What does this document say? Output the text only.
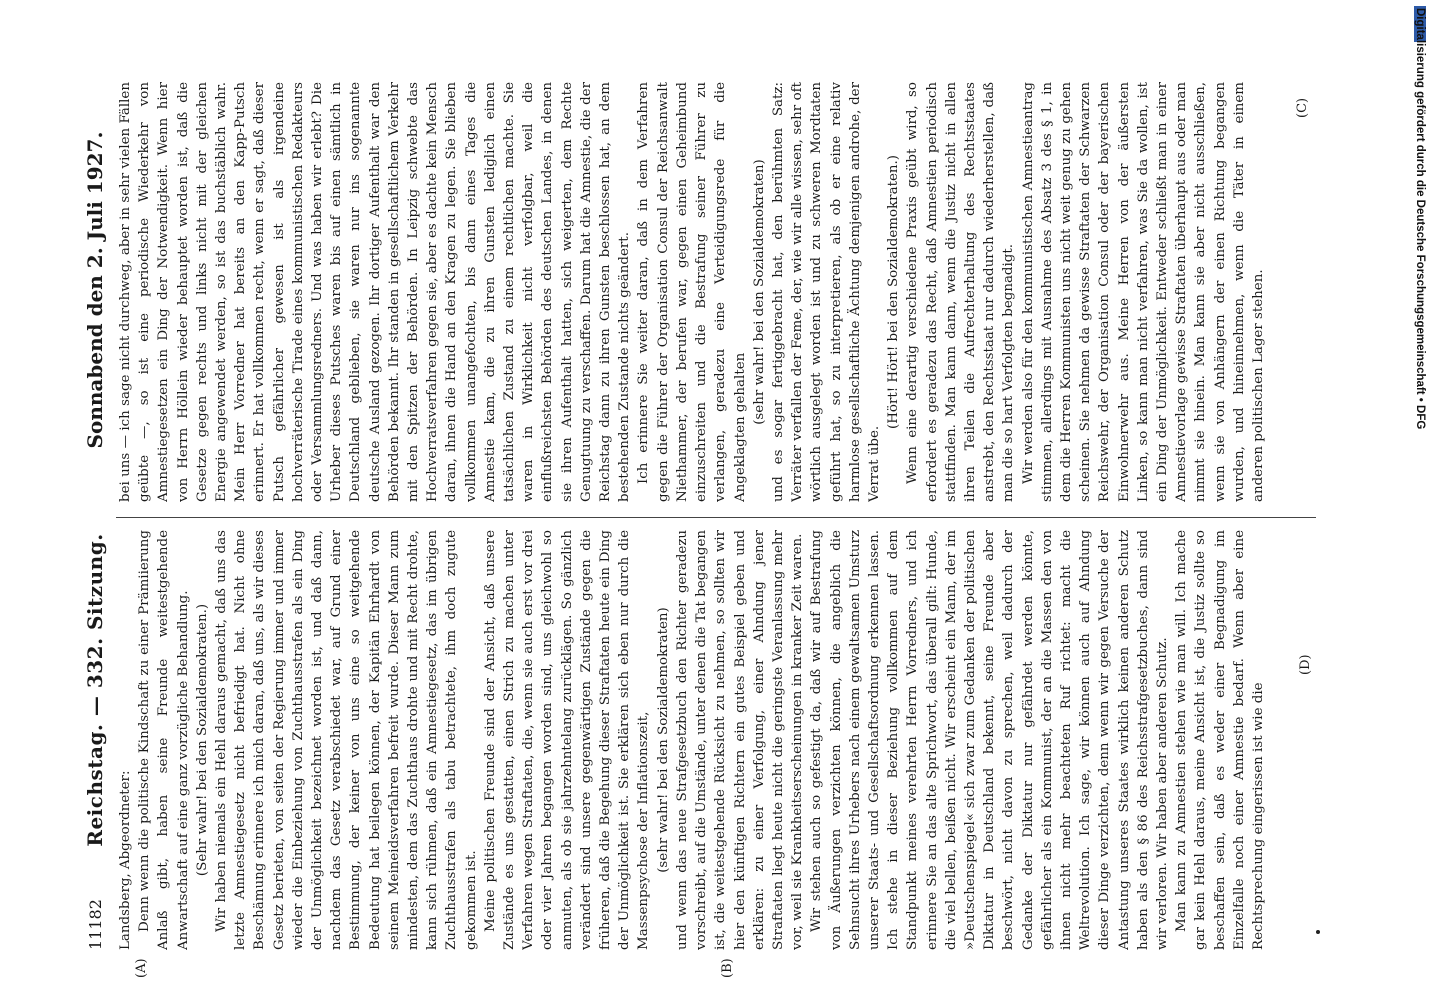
11182
Reichstag. — 332. Sitzung.
Sonnabend den 2. Juli 1927.

Landsberg, Abgeordneter: Denn wenn die politische Kindschaft zu einer Prämiierung Anlaß gibt, haben seine Freunde weitestgehende Anwartschaft auf eine ganz vorzügliche Behandlung. (Sehr wahr! bei den Sozialdemokraten.) Wir haben niemals ein Hehl daraus gemacht, daß uns das letzte Amnestiegesetz nicht befriedigt hat. Nicht ohne Beschämung erinnere ich mich daran, daß uns, als wir dieses Gesetz berieten, von seiten der Regierung immer und immer wieder die Einbeziehung von Zuchthausstrafen als ein Ding der Unmöglichkeit bezeichnet worden ist, und daß dann, nachdem das Gesetz verabschiedet war, auf Grund einer Bestimmung, der keiner von uns eine so weitgehende Bedeutung hat beilegen können, der Kapitän Ehrhardt von seinem Meineidsverfahren befreit wurde. Dieser Mann zum mindesten, dem das Zuchthaus drohte und mit Recht drohte, kann sich rühmen, daß ein Amnestiegesetz, das im übrigen Zuchthausstrafen als tabu betrachtete, ihm doch zugute gekommen ist. Meine politischen Freunde sind der Ansicht, daß unsere Zustände es uns gestatten, einen Strich zu machen unter Verfahren wegen Straftaten, die, wenn sie auch erst vor drei oder vier Jahren begangen worden sind, uns gleichwohl so anmuten, als ob sie jahrzehntelang zurücklägen. So gänzlich verändert sind unsere gegenwärtigen Zustände gegen die früheren, daß die Begehung dieser Straftaten heute ein Ding der Unmöglichkeit ist. Sie erklären sich eben nur durch die Massenpsychose der Inflationszeit, (sehr wahr! bei den Sozialdemokraten) und wenn das neue Strafgesetzbuch den Richter geradezu vorschreibt, auf die Umstände, unter denen die Tat begangen ist, die weitestgehende Rücksicht zu nehmen, so sollten wir hier den künftigen Richtern ein gutes Beispiel geben und erklären: zu einer Verfolgung, einer Ahndung jener Straftaten liegt heute nicht die geringste Veranlassung mehr vor, weil sie Krankheitserscheinungen in kranker Zeit waren. Wir stehen auch so gefestigt da, daß wir auf Bestrafung von Äußerungen verzichten können, die angeblich die Sehnsucht ihres Urhebers nach einem gewaltsamen Umsturz unserer Staats- und Gesellschaftsordnung erkennen lassen. Ich stehe in dieser Beziehung vollkommen auf dem Standpunkt meines verehrten Herrn Vorredners, und ich erinnere Sie an das alte Sprichwort, das überall gilt: Hunde, die viel bellen, beißen nicht. Wir erscheint ein Mann, der im »Deutschenspiegel« sich zwar zum Gedanken der politischen Diktatur in Deutschland bekennt, seine Freunde aber beschwört, nicht davon zu sprechen, weil dadurch der Gedanke der Diktatur nur gefährdet werden könnte, gefährlicher als ein Kommunist, der an die Massen den von ihnen nicht mehr beachteten Ruf richtet: macht die Weltrevolution. Ich sage, wir können auch auf Ahndung dieser Dinge verzichten, denn wenn wir gegen Versuche der Antastung unseres Staates wirklich keinen anderen Schutz haben als den § 86 des Reichsstrafgesetzbuches, dann sind wir verloren. Wir haben aber anderen Schutz. Man kann zu Amnestien stehen wie man will. Ich mache gar kein Hehl daraus, meine Ansicht ist, die Justiz sollte so beschaffen sein, daß es weder einer Begnadigung im Einzelfalle noch einer Amnestie bedarf. Wenn aber eine Rechtsprechung eingerissen ist wie die

bei uns — ich sage nicht durchweg, aber in sehr vielen Fällen geübte —, so ist eine periodische Wiederkehr von Amnestiegesetzen ein Ding der Notwendigkeit. Wenn hier von Herrn Höllein wieder behauptet worden ist, daß die Gesetze gegen rechts und links nicht mit der gleichen Energie angewendet werden, so ist das buchstäblich wahr. Mein Herr Vorredner hat bereits an den Kapp-Putsch erinnert. Er hat vollkommen recht, wenn er sagt, daß dieser Putsch gefährlicher gewesen ist als irgendeine hochverräterische Tirade eines kommunistischen Redakteurs oder Versammlungsredners. Und was haben wir erlebt? Die Urheber dieses Putsches waren bis auf einen sämtlich in Deutschland geblieben, sie waren nur ins sogenannte deutsche Ausland gezogen. Ihr dortiger Aufenthalt war den Behörden bekannt. Ihr standen in gesellschaftlichem Verkehr mit den Spitzen der Behörden. In Leipzig schwebte das Hochverratsverfahren gegen sie, aber es dachte kein Mensch daran, ihnen die Hand an den Kragen zu legen. Sie blieben vollkommen unangefochten, bis dann eines Tages die Amnestie kam, die zu ihren Gunsten lediglich einen tatsächlichen Zustand zu einem rechtlichen machte. Sie waren in Wirklichkeit nicht verfolgbar, weil die einflußreichsten Behörden des deutschen Landes, in denen sie ihren Aufenthalt hatten, sich weigerten, dem Rechte Genugtuung zu verschaffen. Darum hat die Amnestie, die der Reichstag dann zu ihren Gunsten beschlossen hat, an dem bestehenden Zustande nichts geändert. Ich erinnere Sie weiter daran, daß in dem Verfahren gegen die Führer der Organisation Consul der Reichsanwalt Niethammer, der berufen war, gegen einen Geheimbund einzuschreiten und die Bestrafung seiner Führer zu verlangen, geradezu eine Verteidigungsrede für die Angeklagten gehalten

(sehr wahr! bei den Sozialdemokraten) und es sogar fertiggebracht hat, den berühmten Satz: Verräter verfallen der Feme, der, wie wir alle wissen, sehr oft wörtlich ausgelegt worden ist und zu schweren Mordtaten geführt hat, so zu interpretieren, als ob er eine relativ harmlose gesellschaftliche Ächtung demjenigen androhe, der Verrat übe.

(Hört! Hört! bei den Sozialdemokraten.) Wenn eine derartig verschiedene Praxis geübt wird, so erfordert es geradezu das Recht, daß Amnestien periodisch stattfinden. Man kann dann, wenn die Justiz nicht in allen ihren Teilen die Aufrechterhaltung des Rechtsstaates anstrebt, den Rechtsstaat nur dadurch wiederherstellen, daß man die so hart Verfolgten begnadigt. Wir werden also für den kommunistischen Amnestieantrag stimmen, allerdings mit Ausnahme des Absatz 3 des § 1, in dem die Herren Kommunisten uns nicht weit genug zu gehen scheinen. Sie nehmen da gewisse Straftaten der Schwarzen Reichswehr, der Organisation Consul oder der bayerischen Einwohnerwehr aus. Meine Herren von der äußersten Linken, so kann man nicht verfahren, was Sie da wollen, ist ein Ding der Unmöglichkeit. Entweder schließt man in einer Amnestievorlage gewisse Straftaten überhaupt aus oder man nimmt sie hinein. Man kann sie aber nicht ausschließen, wenn sie von Anhängern der einen Richtung begangen wurden, und hineinnehmen, wenn die Täter in einem anderen politischen Lager stehen.

(A)	(B)
(C)
(D)
Digitalisierung gefördert durch die Deutsche Forschungsgemeinschaft • DFG
